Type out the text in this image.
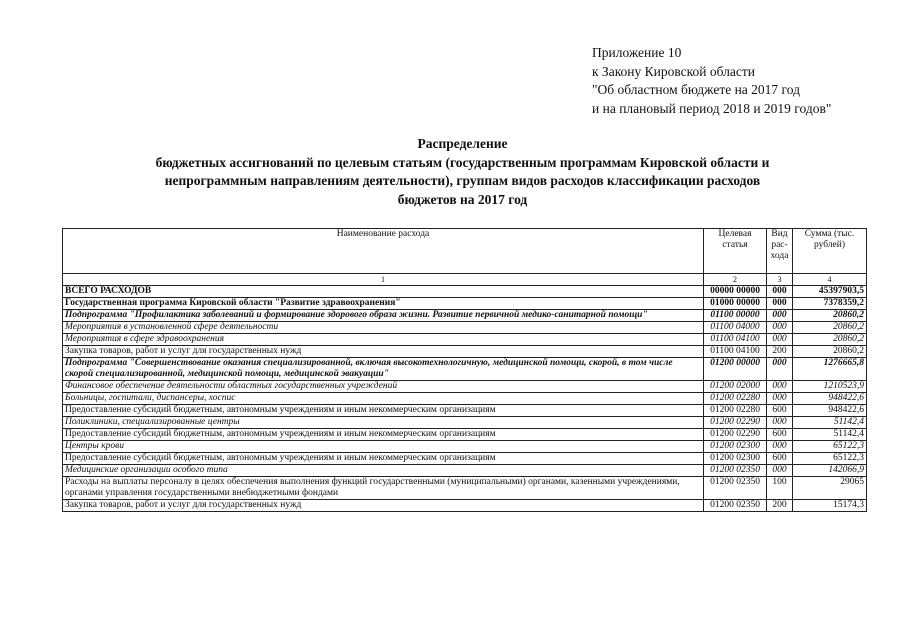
Приложение 10
к Закону Кировской области
"Об областном бюджете на 2017 год
и на плановый период 2018 и 2019 годов"
Распределение
бюджетных ассигнований по целевым статьям (государственным программам Кировской области и
непрограммным направлениям деятельности), группам видов расходов классификации расходов
бюджетов на 2017 год
Наименование расхода	Целевая статья	Вид рас-хода	Сумма (тыс. рублей)
1	2	3	4
ВСЕГО РАСХОДОВ	00000 00000	000	45397903,5
Государственная программа Кировской области "Развитие здравоохранения"	01000 00000	000	7378359,2
Подпрограмма "Профилактика заболеваний и формирование здорового образа жизни. Развитие первичной медико-санитарной помощи"	01100 00000	000	20860,2
Мероприятия в установленной сфере деятельности	01100 04000	000	20860,2
Мероприятия в сфере здравоохранения	01100 04100	000	20860,2
Закупка товаров, работ и услуг для государственных нужд	01100 04100	200	20860,2
Подпрограмма "Совершенствование оказания специализированной, включая высокотехнологичную, медицинской помощи, скорой, в том числе скорой специализированной, медицинской помощи, медицинской эвакуации"	01200 00000	000	1276665,8
Финансовое обеспечение деятельности областных государственных учреждений	01200 02000	000	1210523,9
Больницы, госпитали, диспансеры, хоспис	01200 02280	000	948422,6
Предоставление субсидий бюджетным, автономным учреждениям и иным некоммерческим организациям	01200 02280	600	948422,6
Поликлиники, специализированные центры	01200 02290	000	51142,4
Предоставление субсидий бюджетным, автономным учреждениям и иным некоммерческим организациям	01200 02290	600	51142,4
Центры крови	01200 02300	000	65122,3
Предоставление субсидий бюджетным, автономным учреждениям и иным некоммерческим организациям	01200 02300	600	65122,3
Медицинские организации особого типа	01200 02350	000	142066,9
Расходы на выплаты персоналу в целях обеспечения выполнения функций государственными (муниципальными) органами, казенными учреждениями, органами управления государственными внебюджетными фондами	01200 02350	100	29065
Закупка товаров, работ и услуг для государственных нужд	01200 02350	200	15174,3
